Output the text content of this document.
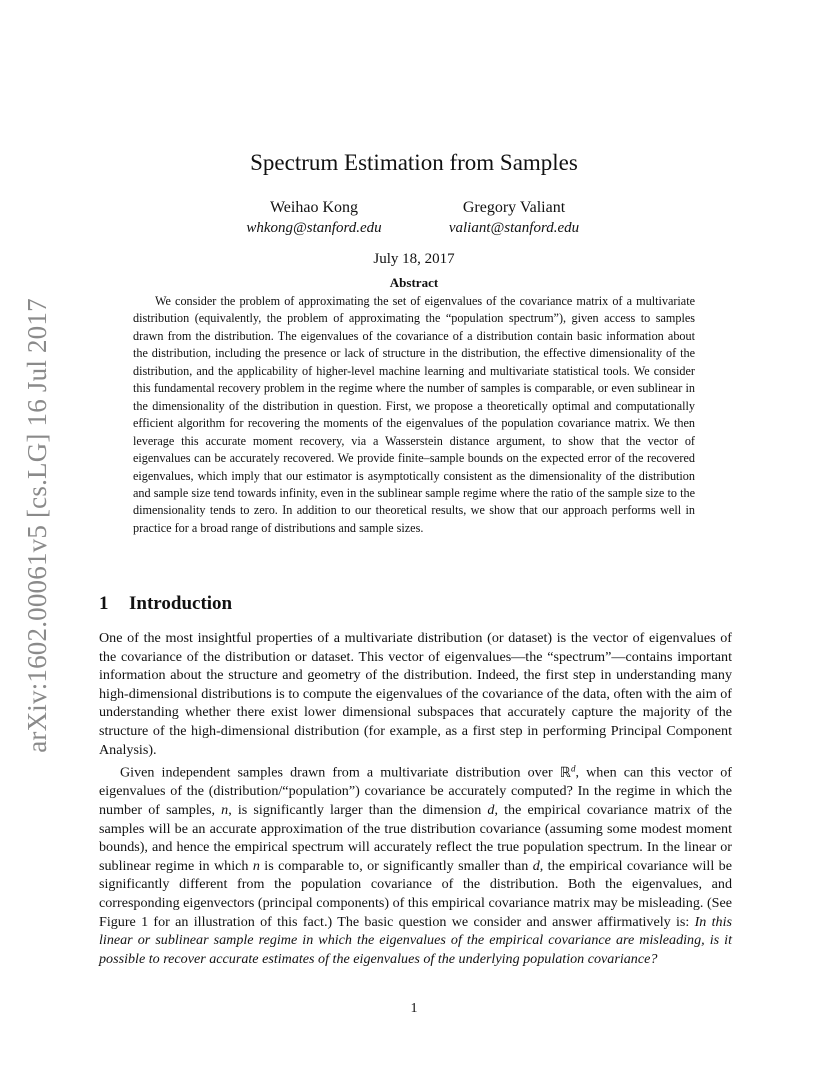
arXiv:1602.00061v5 [cs.LG] 16 Jul 2017
Spectrum Estimation from Samples
Weihao Kong
whkong@stanford.edu
Gregory Valiant
valiant@stanford.edu
July 18, 2017
Abstract

We consider the problem of approximating the set of eigenvalues of the covariance matrix of a multivariate distribution (equivalently, the problem of approximating the “population spectrum”), given access to samples drawn from the distribution. The eigenvalues of the covariance of a distribution contain basic information about the distribution, including the presence or lack of structure in the distribution, the effective dimensionality of the distribution, and the applicability of higher-level machine learning and multivariate statistical tools. We consider this fundamental recovery problem in the regime where the number of samples is comparable, or even sublinear in the dimensionality of the distribution in question. First, we propose a theoretically optimal and computationally efficient algorithm for recovering the moments of the eigenvalues of the population covariance matrix. We then leverage this accurate moment recovery, via a Wasserstein distance argument, to show that the vector of eigenvalues can be accurately recovered. We provide finite–sample bounds on the expected error of the recovered eigenvalues, which imply that our estimator is asymptotically consistent as the dimensionality of the distribution and sample size tend towards infinity, even in the sublinear sample regime where the ratio of the sample size to the dimensionality tends to zero. In addition to our theoretical results, we show that our approach performs well in practice for a broad range of distributions and sample sizes.

1 Introduction

One of the most insightful properties of a multivariate distribution (or dataset) is the vector of eigenvalues of the covariance of the distribution or dataset. This vector of eigenvalues—the “spectrum”—contains important information about the structure and geometry of the distribution. Indeed, the first step in understanding many high-dimensional distributions is to compute the eigenvalues of the covariance of the data, often with the aim of understanding whether there exist lower dimensional subspaces that accurately capture the majority of the structure of the high-dimensional distribution (for example, as a first step in performing Principal Component Analysis).

Given independent samples drawn from a multivariate distribution over ℝ$^d$, when can this vector of eigenvalues of the (distribution/“population”) covariance be accurately computed? In the regime in which the number of samples, n, is significantly larger than the dimension d, the empirical covariance matrix of the samples will be an accurate approximation of the true distribution covariance (assuming some modest moment bounds), and hence the empirical spectrum will accurately reflect the true population spectrum. In the linear or sublinear regime in which n is comparable to, or significantly smaller than d, the empirical covariance will be significantly different from the population covariance of the distribution. Both the eigenvalues, and corresponding eigenvectors (principal components) of this empirical covariance matrix may be misleading. (See Figure 1 for an illustration of this fact.) The basic question we consider and answer affirmatively is: In this linear or sublinear sample regime in which the eigenvalues of the empirical covariance are misleading, is it possible to recover accurate estimates of the eigenvalues of the underlying population covariance?

1
